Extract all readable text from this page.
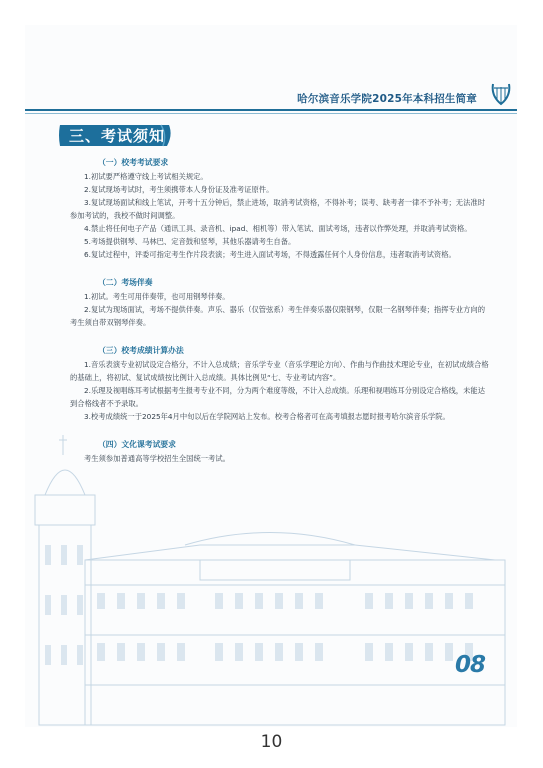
哈尔滨音乐学院2025年本科招生简章
三、考试须知
（一）校考考试要求

1.初试要严格遵守线上考试相关规定。

2.复试现场考试时，考生须携带本人身份证及准考证原件。

3.复试现场面试和线上笔试，开考十五分钟后，禁止进场，取消考试资格，不得补考；误考、缺考者一律不予补考；无法准时参加考试的，我校不做时间调整。

4.禁止将任何电子产品（通讯工具、录音机、ipad、相机等）带入笔试、面试考场，违者以作弊处理，并取消考试资格。

5.考场提供钢琴、马林巴、定音鼓和竖琴，其他乐器请考生自备。

6.复试过程中，评委可指定考生作片段表演；考生进入面试考场，不得透露任何个人身份信息，违者取消考试资格。

（二）考场伴奏

1.初试。考生可用伴奏带，也可用钢琴伴奏。

2.复试为现场面试，考场不提供伴奏。声乐、器乐（仅管弦系）考生伴奏乐器仅限钢琴，仅限一名钢琴伴奏；指挥专业方向的考生须自带双钢琴伴奏。

（三）校考成绩计算办法

1.音乐表演专业初试设定合格分，不计入总成绩；音乐学专业（音乐学理论方向）、作曲与作曲技术理论专业，在初试成绩合格的基础上，将初试、复试成绩按比例计入总成绩。具体比例见“七、专业考试内容”。

2.乐理及视唱练耳考试根据考生报考专业不同，分为两个难度等级，不计入总成绩。乐理和视唱练耳分别设定合格线，未能达到合格线者不予录取。

3.校考成绩统一于2025年4月中旬以后在学院网站上发布。校考合格者可在高考填报志愿时报考哈尔滨音乐学院。

（四）文化课考试要求

考生须参加普通高等学校招生全国统一考试。

08
10
